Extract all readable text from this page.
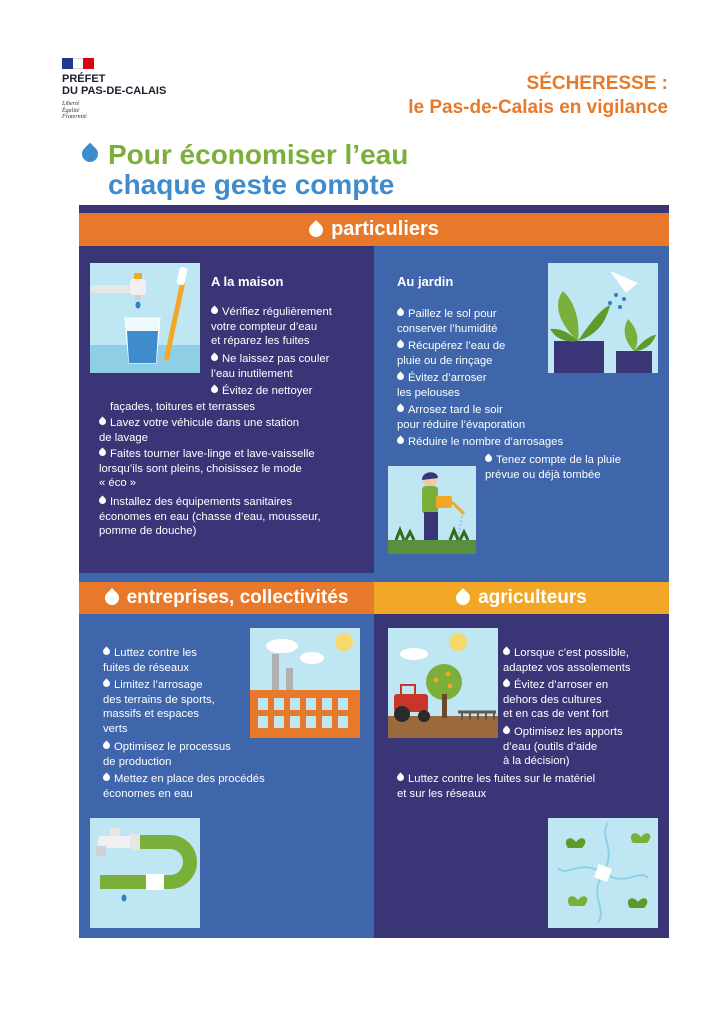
PRÉFET
DU PAS-DE-CALAIS
Liberté
Égalité
Fraternité
SÉCHERESSE :
le Pas-de-Calais en vigilance
Pour économiser l’eau
chaque geste compte
particuliers
entreprises, collectivités	agriculteurs
A la maison
Vérifiez régulièrement
votre compteur d’eau
et réparez les fuites
Ne laissez pas couler
l’eau inutilement
Évitez de nettoyer
façades, toitures et terrasses
Lavez votre véhicule dans une station
de lavage
Faites tourner lave-linge et lave-vaisselle
lorsqu’ils sont pleins, choisissez le mode
« éco »
Installez des équipements sanitaires
économes en eau (chasse d’eau, mousseur,
pomme de douche)
Au jardin
Paillez le sol pour
conserver l’humidité
Récupérez l’eau de
pluie ou de rinçage
Évitez d’arroser
les pelouses
Arrosez tard le soir
pour réduire l’évaporation
Réduire le nombre d’arrosages
Tenez compte de la pluie
prévue ou déjà tombée
Luttez contre les
fuites de réseaux
Limitez l’arrosage
des terrains de sports,
massifs et espaces
verts
Optimisez le processus
de production
Mettez en place des procédés
économes en eau
Lorsque c’est possible,
adaptez vos assolements
Évitez d’arroser en
dehors des cultures
et en cas de vent fort
Optimisez les apports
d’eau (outils d’aide
à la décision)
Luttez contre les fuites sur le matériel
et sur les réseaux
